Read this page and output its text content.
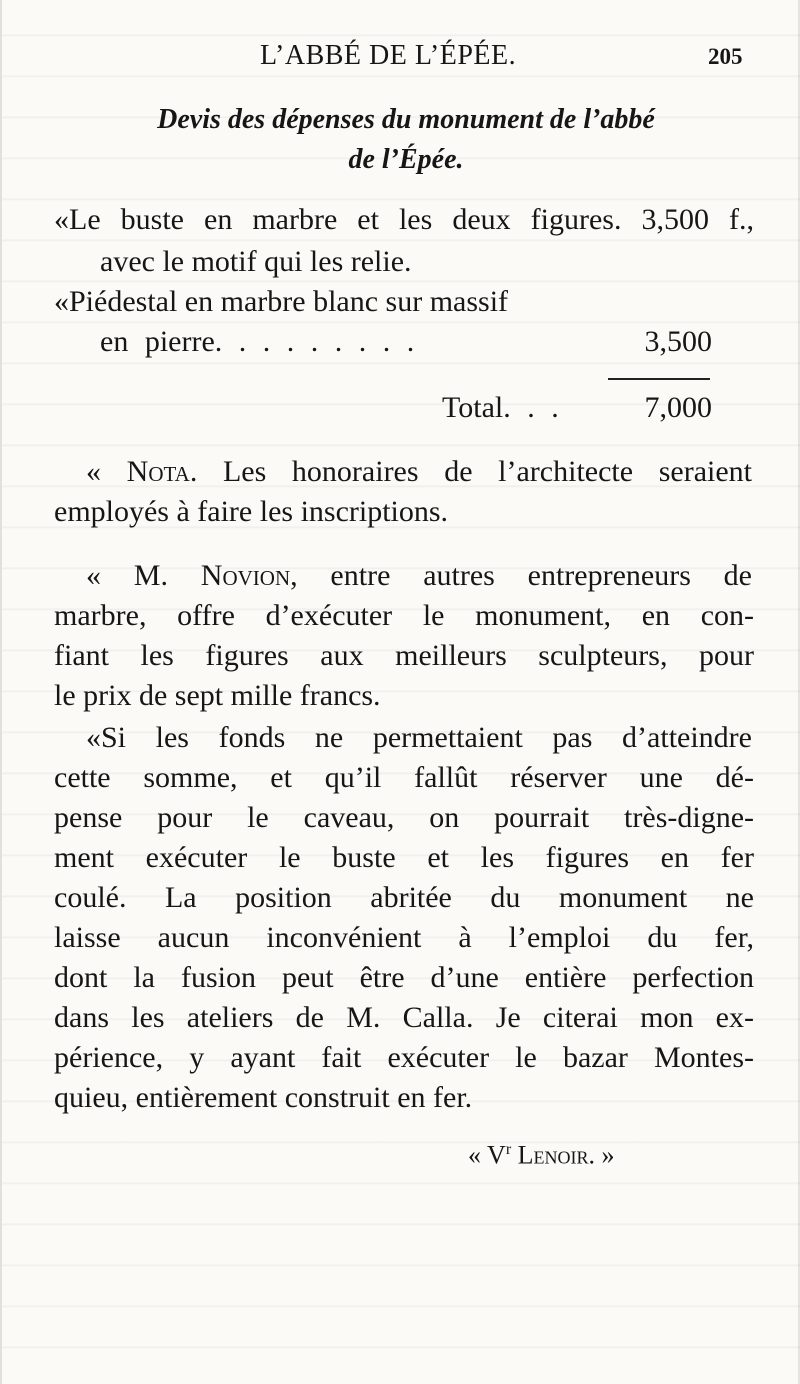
L’ABBÉ DE L’ÉPÉE.	205
Devis des dépenses du monument de l’abbé
de l’Épée.
«Le buste en marbre et les deux figures. 3,500 f.,
avec le motif qui les relie.
«Piédestal en marbre blanc sur massif
en pierre. . . . . . . . .	3,500
Total. . .	7,000
« Nota. Les honoraires de l’architecte seraient
employés à faire les inscriptions.
« M. Novion, entre autres entrepreneurs de
marbre, offre d’exécuter le monument, en con-
fiant les figures aux meilleurs sculpteurs, pour
le prix de sept mille francs.
«Si les fonds ne permettaient pas d’atteindre
cette somme, et qu’il fallût réserver une dé-
pense pour le caveau, on pourrait très-digne-
ment exécuter le buste et les figures en fer
coulé. La position abritée du monument ne
laisse aucun inconvénient à l’emploi du fer,
dont la fusion peut être d’une entière perfection
dans les ateliers de M. Calla. Je citerai mon ex-
périence, y ayant fait exécuter le bazar Montes-
quieu, entièrement construit en fer.
« $V^r$ Lenoir. »
